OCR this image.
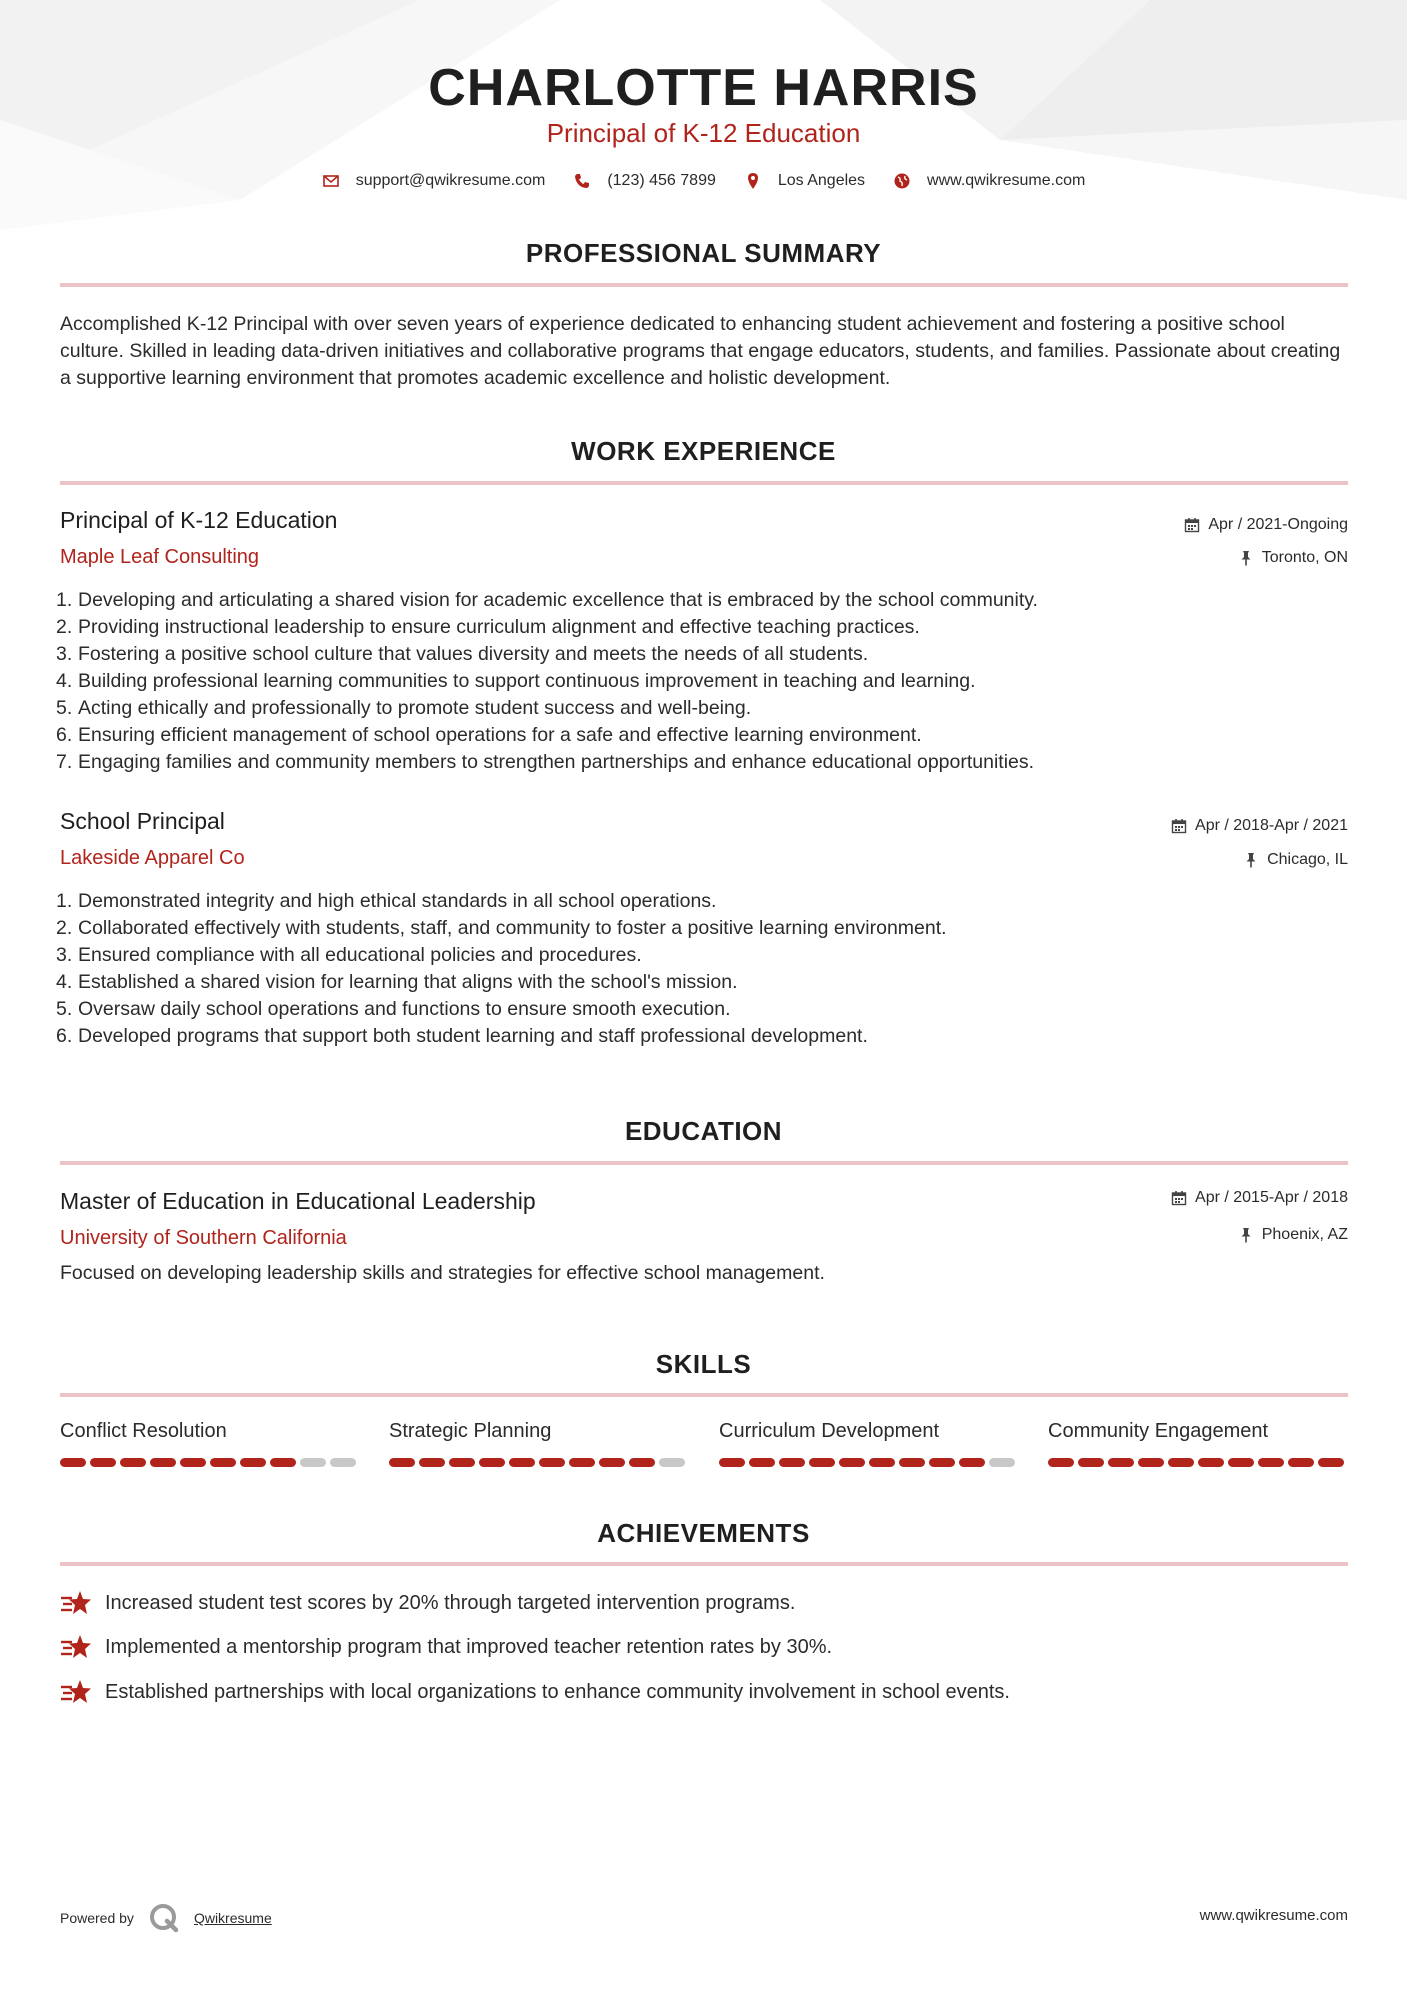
CHARLOTTE HARRIS
Principal of K-12 Education
support@qwikresume.com	(123) 456 7899	Los Angeles	www.qwikresume.com
PROFESSIONAL SUMMARY

Accomplished K-12 Principal with over seven years of experience dedicated to enhancing student achievement and fostering a positive school culture. Skilled in leading data-driven initiatives and collaborative programs that engage educators, students, and families. Passionate about creating a supportive learning environment that promotes academic excellence and holistic development.

WORK EXPERIENCE
Principal of K-12 Education	Apr / 2021-Ongoing
Maple Leaf Consulting	Toronto, ON
1. Developing and articulating a shared vision for academic excellence that is embraced by the school community.
2. Providing instructional leadership to ensure curriculum alignment and effective teaching practices.
3. Fostering a positive school culture that values diversity and meets the needs of all students.
4. Building professional learning communities to support continuous improvement in teaching and learning.
5. Acting ethically and professionally to promote student success and well-being.
6. Ensuring efficient management of school operations for a safe and effective learning environment.
7. Engaging families and community members to strengthen partnerships and enhance educational opportunities.
School Principal	Apr / 2018-Apr / 2021
Lakeside Apparel Co	Chicago, IL
1. Demonstrated integrity and high ethical standards in all school operations.
2. Collaborated effectively with students, staff, and community to foster a positive learning environment.
3. Ensured compliance with all educational policies and procedures.
4. Established a shared vision for learning that aligns with the school's mission.
5. Oversaw daily school operations and functions to ensure smooth execution.
6. Developed programs that support both student learning and staff professional development.
EDUCATION
Master of Education in Educational Leadership	Apr / 2015-Apr / 2018
University of Southern California	Phoenix, AZ
Focused on developing leadership skills and strategies for effective school management.
SKILLS
Conflict Resolution	Strategic Planning	Curriculum Development	Community Engagement
ACHIEVEMENTS
Increased student test scores by 20% through targeted intervention programs.
Implemented a mentorship program that improved teacher retention rates by 30%.
Established partnerships with local organizations to enhance community involvement in school events.
Powered by	Qwikresume	www.qwikresume.com
